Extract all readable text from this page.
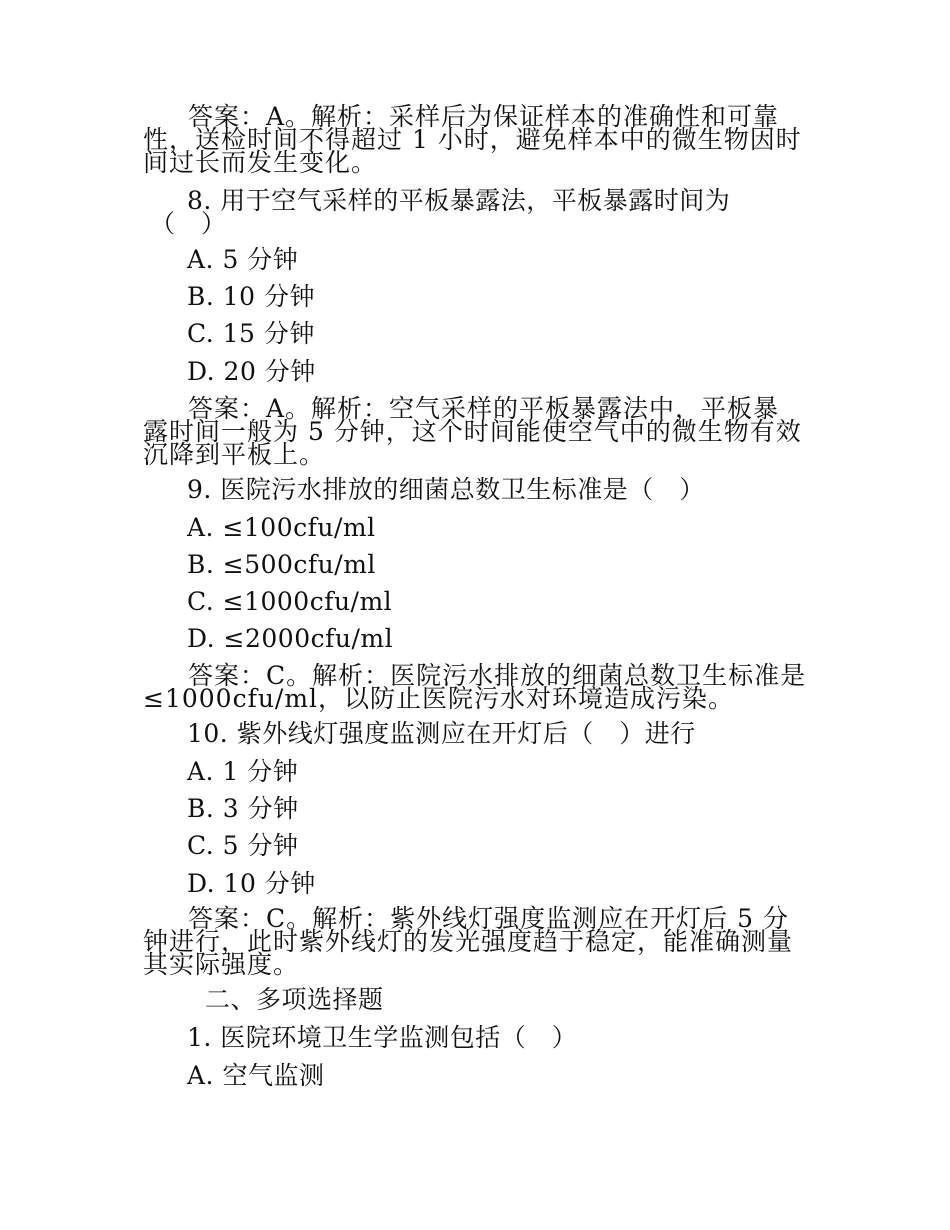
答案：A。解析：采样后为保证样本的准确性和可靠性，送检时间不得超过 1 小时，避免样本中的微生物因时间过长而发生变化。
8. 用于空气采样的平板暴露法，平板暴露时间为
（　）
A. 5 分钟
B. 10 分钟
C. 15 分钟
D. 20 分钟
答案：A。解析：空气采样的平板暴露法中，平板暴露时间一般为 5 分钟，这个时间能使空气中的微生物有效沉降到平板上。
9. 医院污水排放的细菌总数卫生标准是（　）
A. ≤100cfu/ml
B. ≤500cfu/ml
C. ≤1000cfu/ml
D. ≤2000cfu/ml
答案：C。解析：医院污水排放的细菌总数卫生标准是≤1000cfu/ml，以防止医院污水对环境造成污染。
10. 紫外线灯强度监测应在开灯后（　）进行
A. 1 分钟
B. 3 分钟
C. 5 分钟
D. 10 分钟
答案：C。解析：紫外线灯强度监测应在开灯后 5 分钟进行，此时紫外线灯的发光强度趋于稳定，能准确测量其实际强度。
二、多项选择题
1. 医院环境卫生学监测包括（　）
A. 空气监测
